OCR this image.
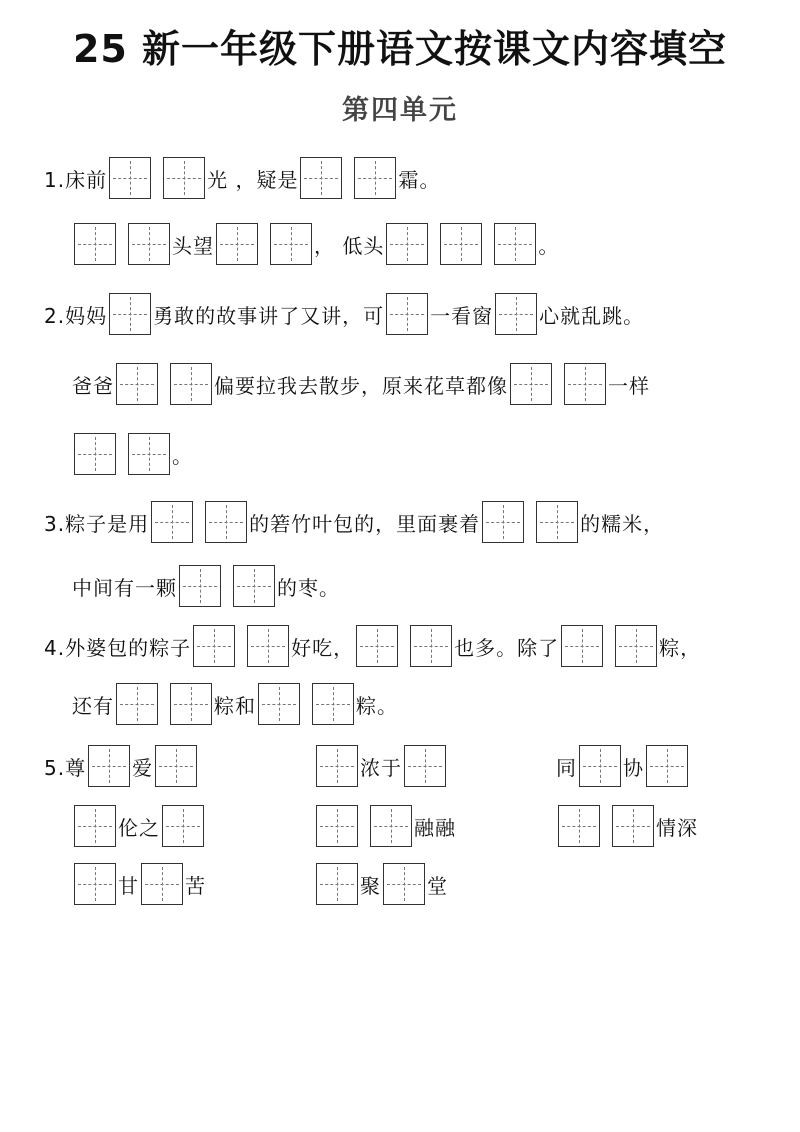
25 新一年级下册语文按课文内容填空
第四单元
1.床前	光 ，疑是	霜。
头望	， 低头	。
2.妈妈 勇敢的故事讲了又讲，可 一看窗 心就乱跳。
爸爸	偏要拉我去散步，原来花草都像	一样
。
3.粽子是用	的箬竹叶包的，里面裹着	的糯米，
中间有一颗	的枣。
4.外婆包的粽子	好吃，	也多。除了	粽，
还有	粽和	粽。
5.尊 爱	浓于	同 协
伦之	融融	情深
甘 苦	聚 堂
